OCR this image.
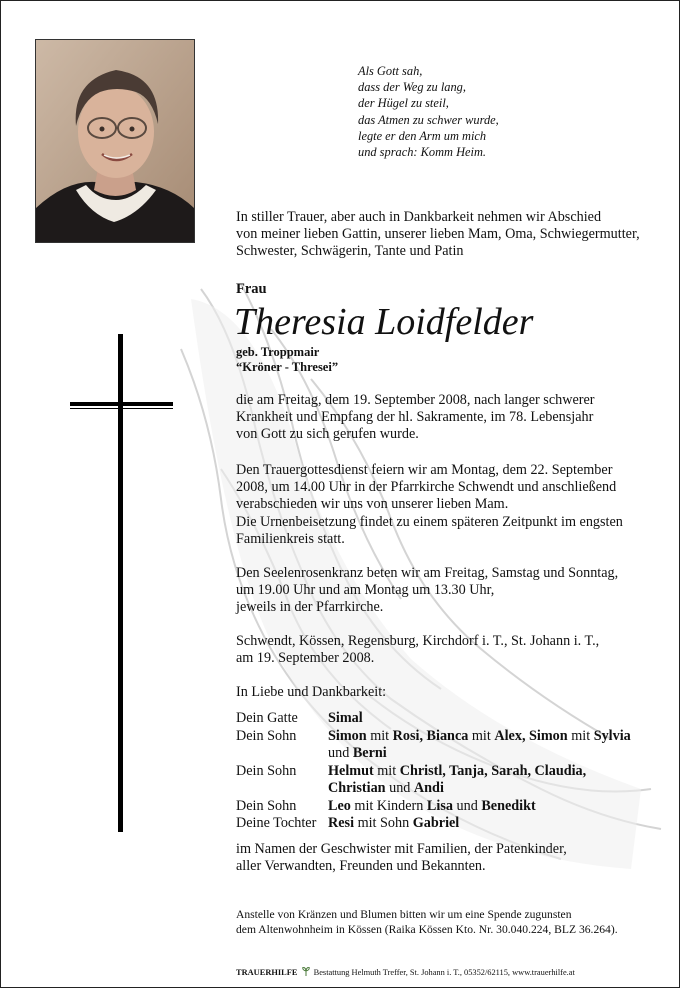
Als Gott sah,
dass der Weg zu lang,
der Hügel zu steil,
das Atmen zu schwer wurde,
legte er den Arm um mich
und sprach: Komm Heim.
In stiller Trauer, aber auch in Dankbarkeit nehmen wir Abschied
von meiner lieben Gattin, unserer lieben Mam, Oma, Schwiegermutter,
Schwester, Schwägerin, Tante und Patin
Frau
Theresia Loidfelder
geb. Troppmair
“Kröner - Thresei”
die am Freitag, dem 19. September 2008, nach langer schwerer
Krankheit und Empfang der hl. Sakramente, im 78. Lebensjahr
von Gott zu sich gerufen wurde.
Den Trauergottesdienst feiern wir am Montag, dem 22. September
2008, um 14.00 Uhr in der Pfarrkirche Schwendt und anschließend
verabschieden wir uns von unserer lieben Mam.
Die Urnenbeisetzung findet zu einem späteren Zeitpunkt im engsten
Familienkreis statt.
Den Seelenrosenkranz beten wir am Freitag, Samstag und Sonntag,
um 19.00 Uhr und am Montag um 13.30 Uhr,
jeweils in der Pfarrkirche.
Schwendt, Kössen, Regensburg, Kirchdorf i. T., St. Johann i. T.,
am 19. September 2008.
In Liebe und Dankbarkeit:
Dein Gatte Simal
Dein Sohn Simon mit Rosi, Bianca mit Alex, Simon mit Sylvia
und Berni
Dein Sohn Helmut mit Christl, Tanja, Sarah, Claudia,
Christian und Andi
Dein Sohn Leo mit Kindern Lisa und Benedikt
Deine Tochter Resi mit Sohn Gabriel
im Namen der Geschwister mit Familien, der Patenkinder,
aller Verwandten, Freunden und Bekannten.
Anstelle von Kränzen und Blumen bitten wir um eine Spende zugunsten
dem Altenwohnheim in Kössen (Raika Kössen Kto. Nr. 30.040.224, BLZ 36.264).
TRAUERHILFE Bestattung Helmuth Treffer, St. Johann i. T., 05352/62115, www.trauerhilfe.at
